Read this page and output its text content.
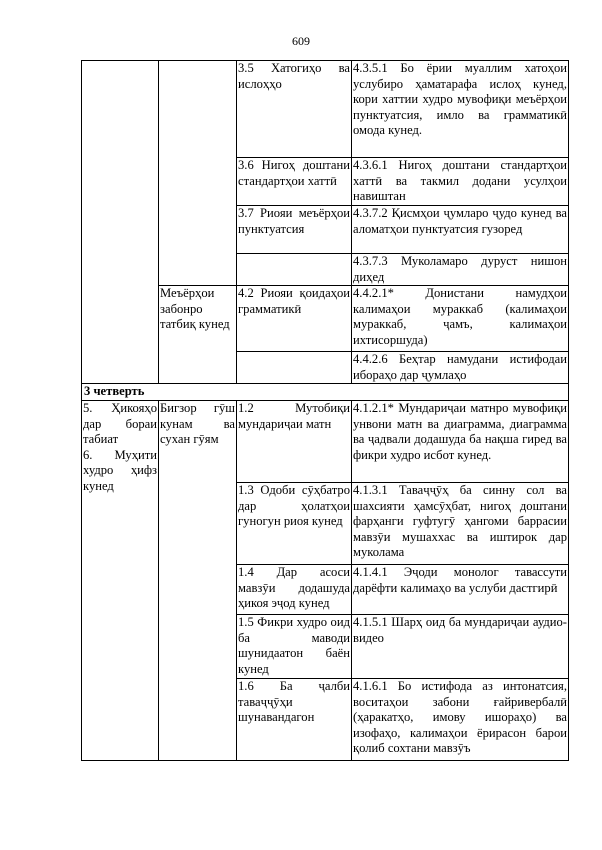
609

		3.5 Хатогиҳо ва ислоҳҳо	4.3.5.1 Бо ёрии муаллим хатоҳои услубиро ҳаматарафа ислоҳ кунед, кори хаттии худро мувофиқи меъёрҳои пунктуатсия, имло ва грамматикӣ омода кунед.

		3.6 Нигоҳ доштани стандартҳои хаттӣ	4.3.6.1 Нигоҳ доштани стандартҳои хаттӣ ва такмил додани усулҳои навиштан

		3.7 Риояи меъёрҳои пунктуатсия	4.3.7.2 Қисмҳои ҷумларо ҷудо кунед ва аломатҳои пунктуатсия гузоред

			4.3.7.3 Муколамаро дуруст нишон диҳед

	Меъёрҳои забонро татбиқ кунед	4.2 Риояи қоидаҳои грамматикӣ	4.4.2.1* Донистани намудҳои калимаҳои мураккаб (калимаҳои мураккаб, ҷамъ, калимаҳои ихтисоршуда)

			4.4.2.6 Беҳтар намудани истифодаи ибораҳо дар ҷумлаҳо

3 четверть			

5. Ҳикояҳо дар бораи табиат
6. Муҳити худро ҳифз кунед	Бигзор гӯш кунам ва сухан гӯям	1.2 Мутобиқи мундариҷаи матн	4.1.2.1* Мундариҷаи матнро мувофиқи унвони матн ва диаграмма, диаграмма ва ҷадвали додашуда ба нақша гиред ва фикри худро исбот кунед.

		1.3 Одоби сӯҳбатро дар ҳолатҳои гуногун риоя кунед	4.1.3.1 Таваҷҷӯҳ ба синну сол ва шахсияти ҳамсӯҳбат, нигоҳ доштани фарҳанги гуфтугӯ ҳангоми баррасии мавзӯи мушаххас ва иштирок дар муколама

		1.4 Дар асоси мавзӯи додашуда ҳикоя эҷод кунед	4.1.4.1 Эҷоди монолог тавассути дарёфти калимаҳо ва услуби дастгирӣ

		1.5 Фикри худро оид ба маводи шунидаатон баён кунед	4.1.5.1 Шарҳ оид ба мундариҷаи аудио-видео

		1.6 Ба ҷалби таваҷҷӯҳи шунавандагон	4.1.6.1 Бо истифода аз интонатсия, воситаҳои забони ғайривербалӣ (ҳаракатҳо, имову ишораҳо) ва изофаҳо, калимаҳои ёрирасон барои қолиб сохтани мавзӯъ
